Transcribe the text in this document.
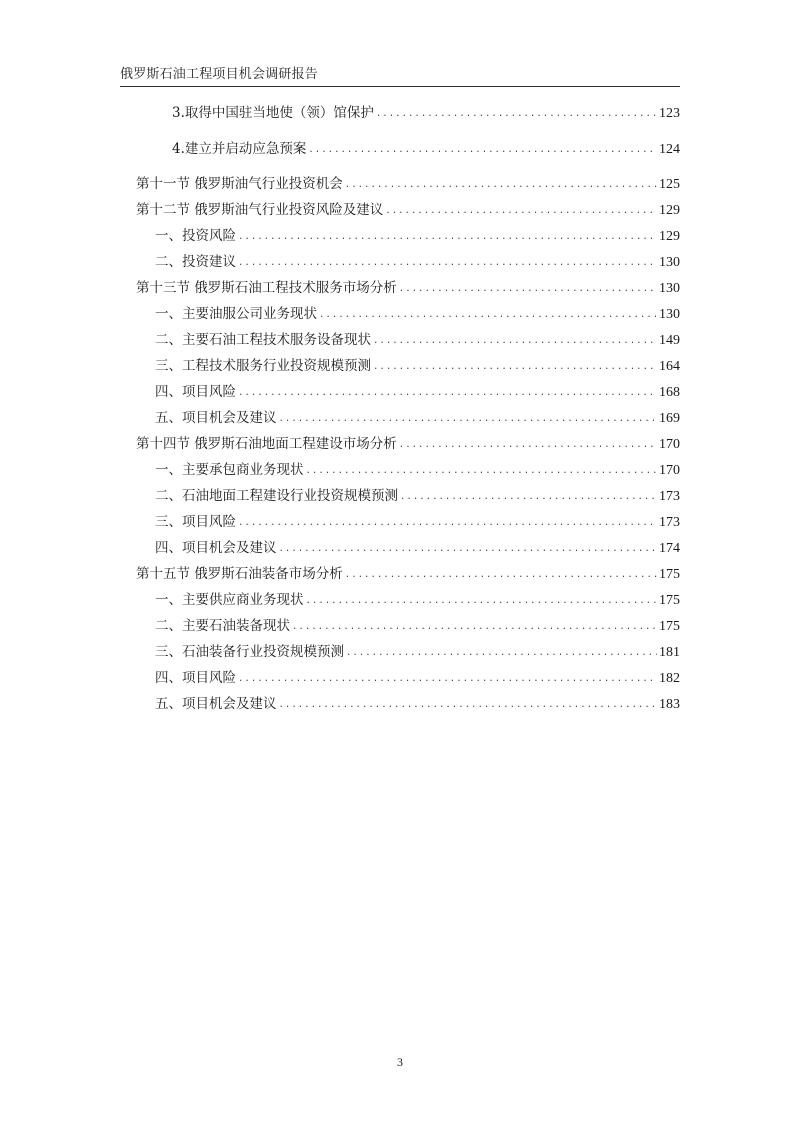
俄罗斯石油工程项目机会调研报告
3.取得中国驻当地使（领）馆保护 .....	123
4.建立并启动应急预案 .....	124
第十一节 俄罗斯油气行业投资机会 .....	125
第十二节 俄罗斯油气行业投资风险及建议 .....	129
一、投资风险 .....	129
二、投资建议 .....	130
第十三节 俄罗斯石油工程技术服务市场分析 .....	130
一、主要油服公司业务现状 .....	130
二、主要石油工程技术服务设备现状 .....	149
三、工程技术服务行业投资规模预测 .....	164
四、项目风险 .....	168
五、项目机会及建议 .....	169
第十四节 俄罗斯石油地面工程建设市场分析 .....	170
一、主要承包商业务现状 .....	170
二、石油地面工程建设行业投资规模预测 .....	173
三、项目风险 .....	173
四、项目机会及建议 .....	174
第十五节 俄罗斯石油装备市场分析 .....	175
一、主要供应商业务现状 .....	175
二、主要石油装备现状 .....	175
三、石油装备行业投资规模预测 .....	181
四、项目风险 .....	182
五、项目机会及建议 .....	183
3
